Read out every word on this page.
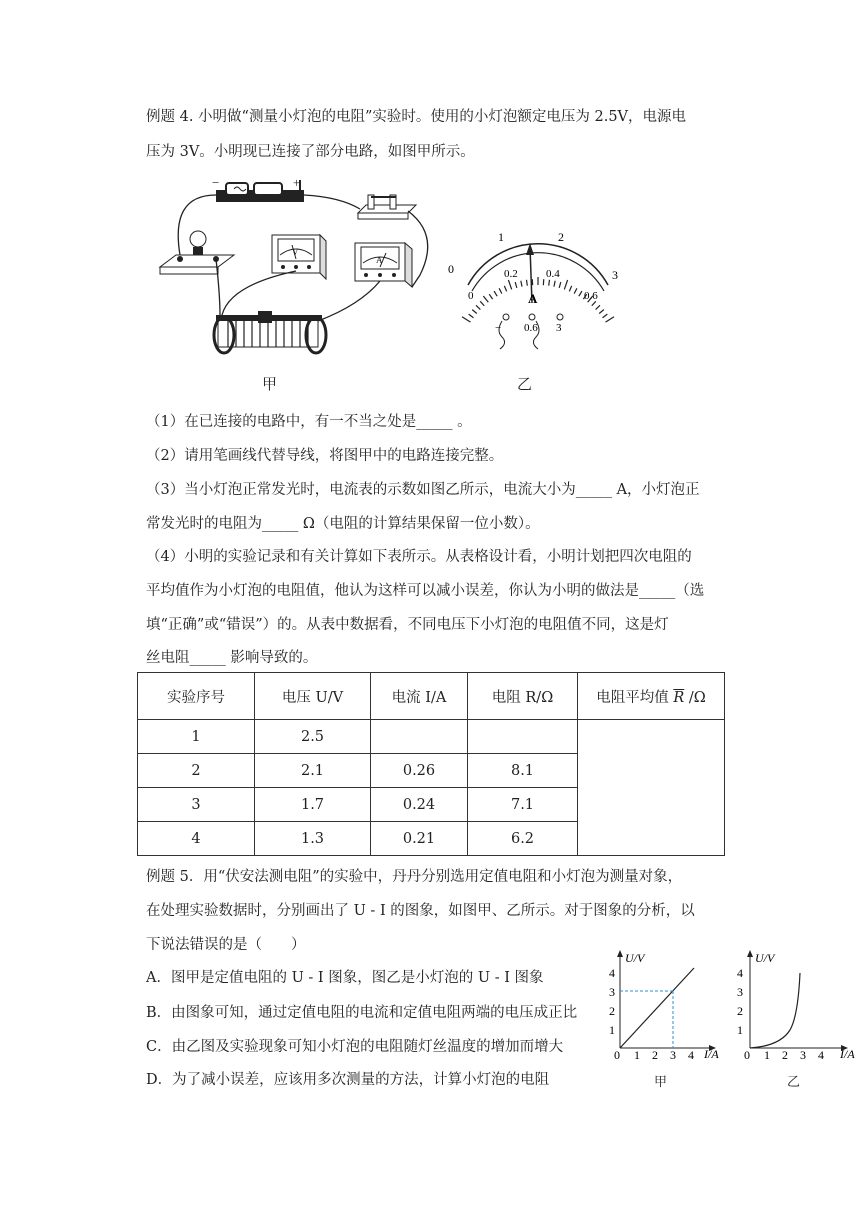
例题 4. 小明做“测量小灯泡的电阻”实验时。使用的小灯泡额定电压为 2.5V，电源电
压为 3V。小明现已连接了部分电路，如图甲所示。
−	+
V
A
甲
0
1	2
3
0
0.2	0.4
0.6
A
− 0.6 3
乙
（1）在已连接的电路中，有一不当之处是_____ 。
（2）请用笔画线代替导线，将图甲中的电路连接完整。
（3）当小灯泡正常发光时，电流表的示数如图乙所示，电流大小为_____ A，小灯泡正
常发光时的电阻为_____ Ω（电阻的计算结果保留一位小数）。
（4）小明的实验记录和有关计算如下表所示。从表格设计看，小明计划把四次电阻的
平均值作为小灯泡的电阻值，他认为这样可以减小误差，你认为小明的做法是_____（选
填“正确”或“错误”）的。从表中数据看，不同电压下小灯泡的电阻值不同，这是灯
丝电阻_____ 影响导致的。
实验序号	电压 U/V	电流 I/A	电阻 R/Ω	电阻平均值 $\overline{R}$ /Ω
1	2.5			
2	2.1	0.26	8.1	
3	1.7	0.24	7.1	
4	1.3	0.21	6.2	
例题 5．用“伏安法测电阻”的实验中，丹丹分别选用定值电阻和小灯泡为测量对象，
在处理实验数据时，分别画出了 U - I 的图象，如图甲、乙所示。对于图象的分析，以
下说法错误的是（　　）
A．图甲是定值电阻的 U - I 图象，图乙是小灯泡的 U - I 图象
B．由图象可知，通过定值电阻的电流和定值电阻两端的电压成正比
C．由乙图及实验现象可知小灯泡的电阻随灯丝温度的增加而增大
D．为了减小误差，应该用多次测量的方法，计算小灯泡的电阻
U/V
I/A
1
2
3
4
0 1 2 3 4
甲
U/V
I/A
1
2
3
4
0 1 2 3 4
乙
